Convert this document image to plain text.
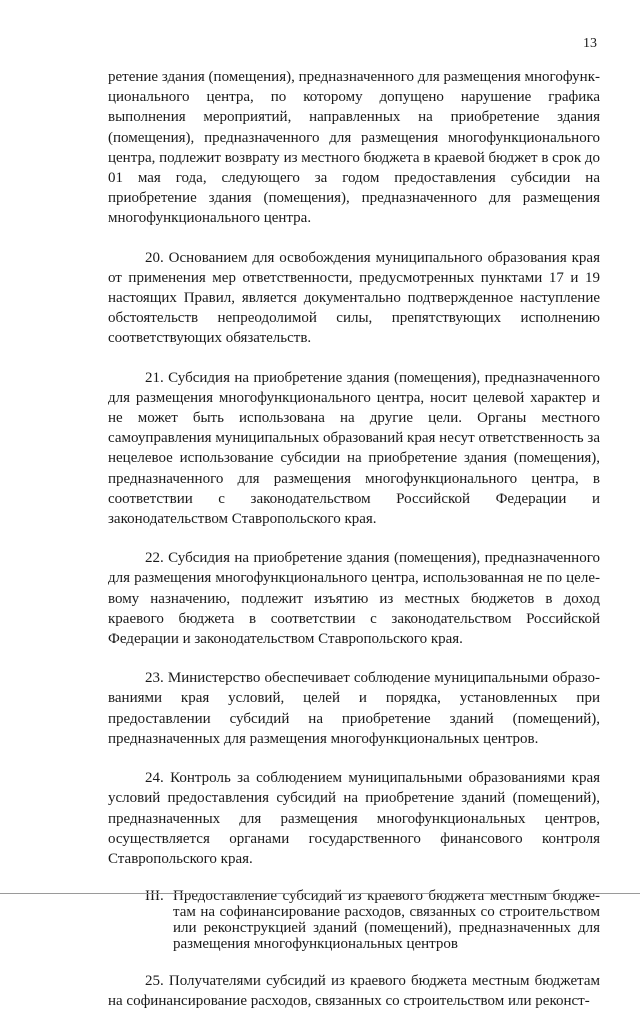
13

ретение здания (помещения), предназначенного для размещения многофункционального центра, по которому допущено нарушение графика выполнения мероприятий, направленных на приобретение здания (помещения), предназначенного для размещения многофункционального центра, подлежит возврату из местного бюджета в краевой бюджет в срок до 01 мая года, следующего за годом предоставления субсидии на приобретение здания (помещения), предназначенного для размещения многофункционального центра.

20. Основанием для освобождения муниципального образования края от применения мер ответственности, предусмотренных пунктами 17 и 19 настоящих Правил, является документально подтвержденное наступление обстоятельств непреодолимой силы, препятствующих исполнению соответствующих обязательств.

21. Субсидия на приобретение здания (помещения), предназначенного для размещения многофункционального центра, носит целевой характер и не может быть использована на другие цели. Органы местного самоуправления муниципальных образований края несут ответственность за нецелевое использование субсидии на приобретение здания (помещения), предназначенного для размещения многофункционального центра, в соответствии с законодательством Российской Федерации и законодательством Ставропольского края.

22. Субсидия на приобретение здания (помещения), предназначенного для размещения многофункционального центра, использованная не по целевому назначению, подлежит изъятию из местных бюджетов в доход краевого бюджета в соответствии с законодательством Российской Федерации и законодательством Ставропольского края.

23. Министерство обеспечивает соблюдение муниципальными образованиями края условий, целей и порядка, установленных при предоставлении субсидий на приобретение зданий (помещений), предназначенных для размещения многофункциональных центров.

24. Контроль за соблюдением муниципальными образованиями края условий предоставления субсидий на приобретение зданий (помещений), предназначенных для размещения многофункциональных центров, осуществляется органами государственного финансового контроля Ставропольского края.

III. Предоставление субсидий из краевого бюджета местным бюджетам на софинансирование расходов, связанных со строительством или реконструкцией зданий (помещений), предназначенных для размещения многофункциональных центров

25. Получателями субсидий из краевого бюджета местным бюджетам на софинансирование расходов, связанных со строительством или реконст-
